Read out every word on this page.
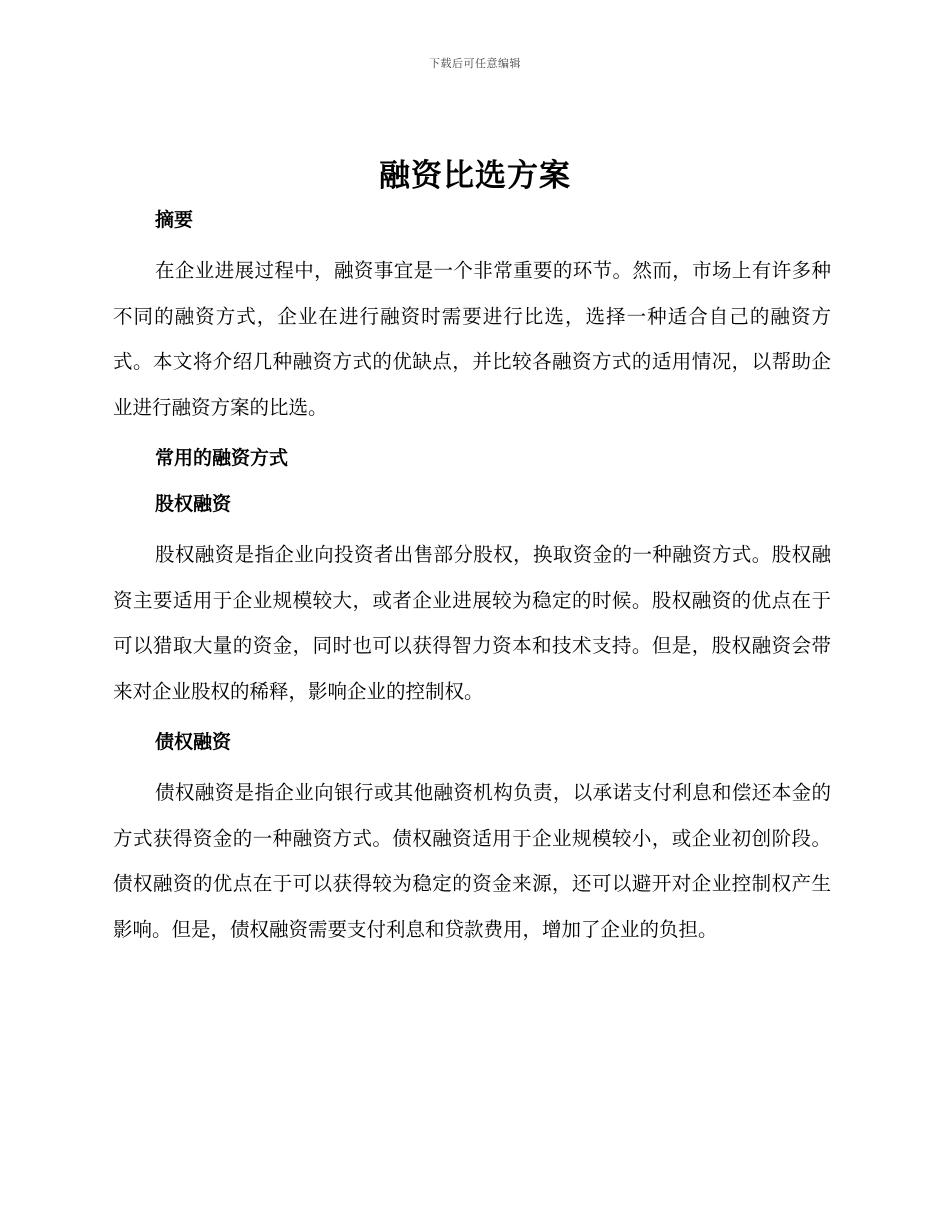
下载后可任意编辑
融资比选方案

摘要

在企业进展过程中，融资事宜是一个非常重要的环节。然而，市场上有许多种不同的融资方式，企业在进行融资时需要进行比选，选择一种适合自己的融资方式。本文将介绍几种融资方式的优缺点，并比较各融资方式的适用情况，以帮助企业进行融资方案的比选。

常用的融资方式

股权融资

股权融资是指企业向投资者出售部分股权，换取资金的一种融资方式。股权融资主要适用于企业规模较大，或者企业进展较为稳定的时候。股权融资的优点在于可以猎取大量的资金，同时也可以获得智力资本和技术支持。但是，股权融资会带来对企业股权的稀释，影响企业的控制权。

债权融资

债权融资是指企业向银行或其他融资机构负责，以承诺支付利息和偿还本金的方式获得资金的一种融资方式。债权融资适用于企业规模较小，或企业初创阶段。债权融资的优点在于可以获得较为稳定的资金来源，还可以避开对企业控制权产生影响。但是，债权融资需要支付利息和贷款费用，增加了企业的负担。
